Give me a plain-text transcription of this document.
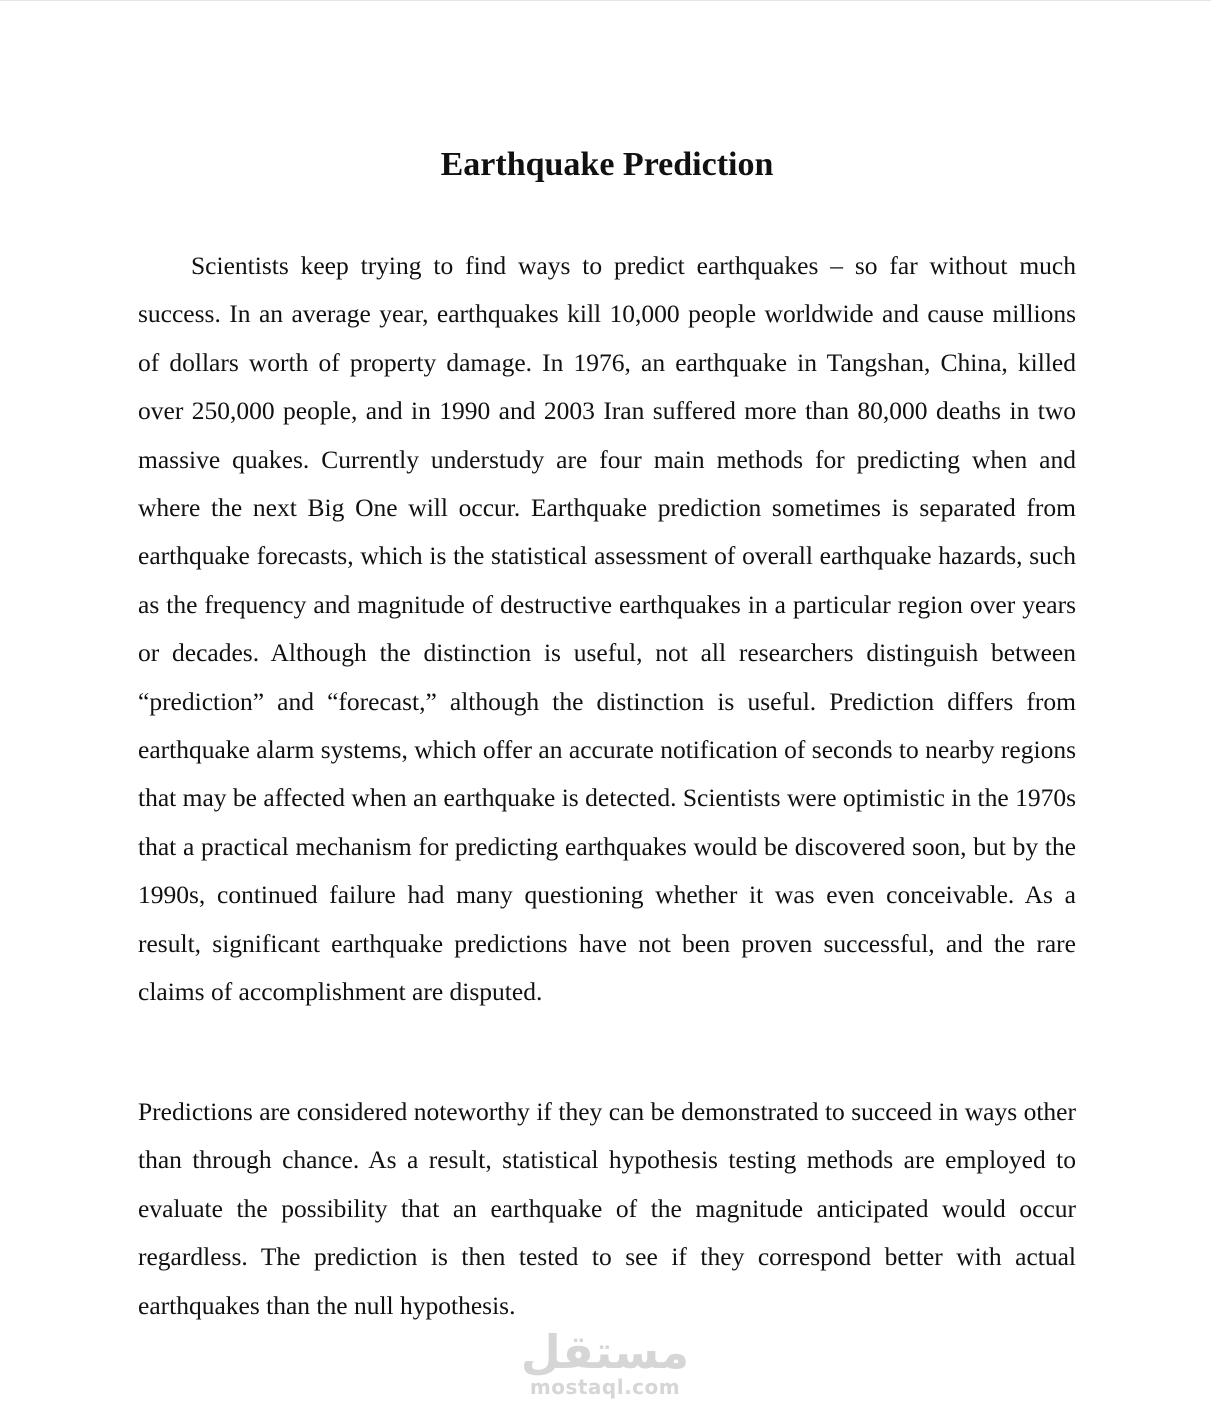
Earthquake Prediction

Scientists keep trying to find ways to predict earthquakes – so far without much success. In an average year, earthquakes kill 10,000 people worldwide and cause millions of dollars worth of property damage. In 1976, an earthquake in Tangshan, China, killed over 250,000 people, and in 1990 and 2003 Iran suffered more than 80,000 deaths in two massive quakes. Currently understudy are four main methods for predicting when and where the next Big One will occur. Earthquake prediction sometimes is separated from earthquake forecasts, which is the statistical assessment of overall earthquake hazards, such as the frequency and magnitude of destructive earthquakes in a particular region over years or decades. Although the distinction is useful, not all researchers distinguish between “prediction” and “forecast,” although the distinction is useful. Prediction differs from earthquake alarm systems, which offer an accurate notification of seconds to nearby regions that may be affected when an earthquake is detected. Scientists were optimistic in the 1970s that a practical mechanism for predicting earthquakes would be discovered soon, but by the 1990s, continued failure had many questioning whether it was even conceivable. As a result, significant earthquake predictions have not been proven successful, and the rare claims of accomplishment are disputed.

Predictions are considered noteworthy if they can be demonstrated to succeed in ways other than through chance. As a result, statistical hypothesis testing methods are employed to evaluate the possibility that an earthquake of the magnitude anticipated would occur regardless. The prediction is then tested to see if they correspond better with actual earthquakes than the null hypothesis.

مستقل
mostaql.com
